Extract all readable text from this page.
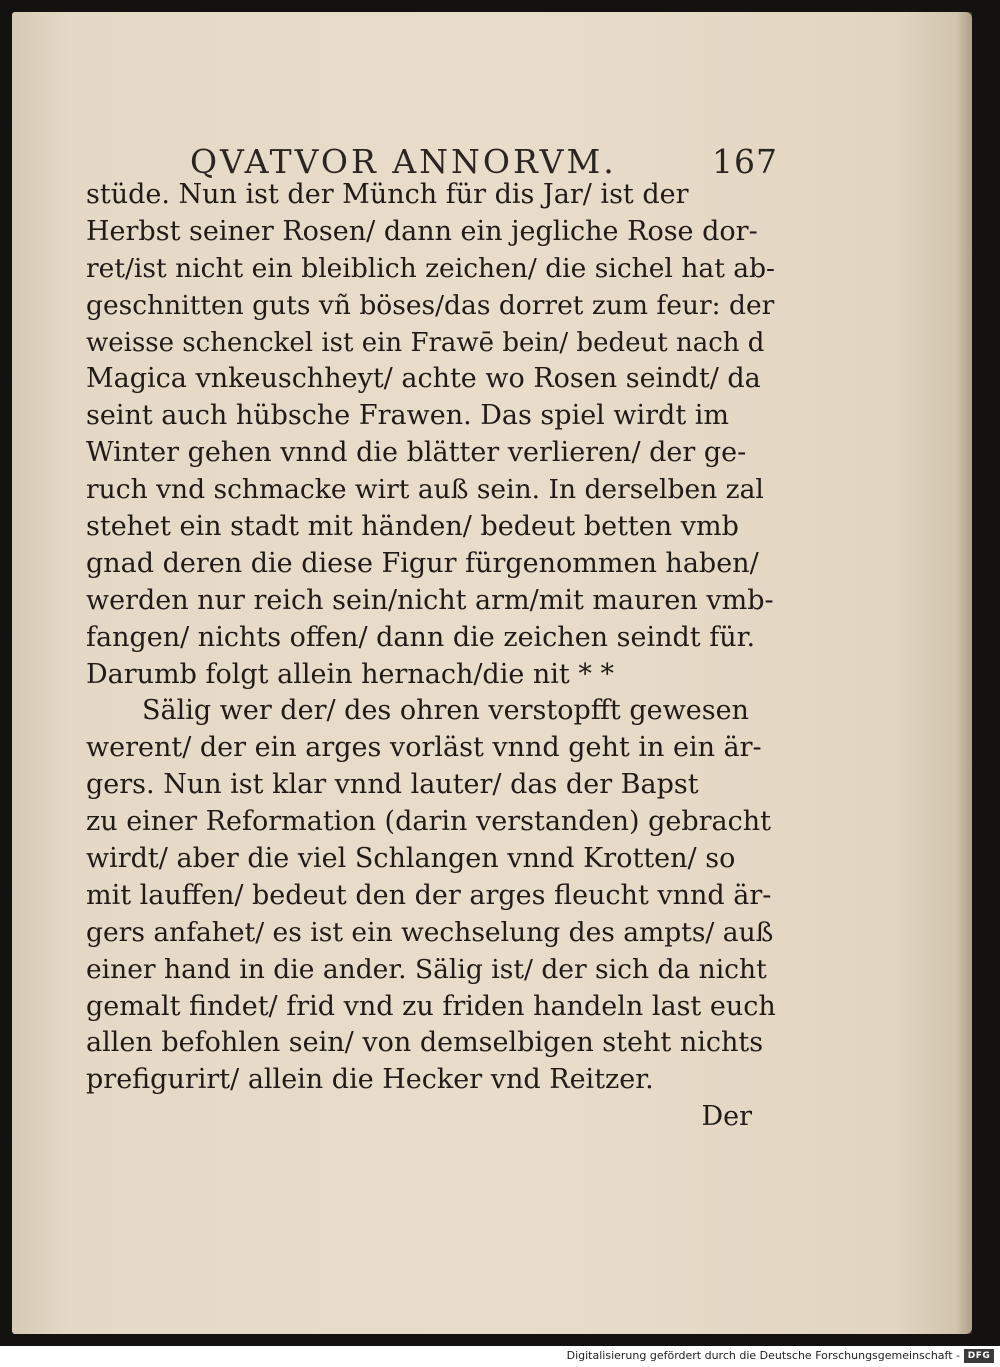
QVATVOR ANNORVM.	167
stüde. Nun ist der Münch für dis Jar/ ist der
Herbst seiner Rosen/ dann ein jegliche Rose dor-
ret/ist nicht ein bleiblich zeichen/ die sichel hat ab-
geschnitten guts vñ böses/das dorret zum feur: der
weisse schenckel ist ein Frawē bein/ bedeut nach d
Magica vnkeuschheyt/ achte wo Rosen seindt/ da
seint auch hübsche Frawen. Das spiel wirdt im
Winter gehen vnnd die blätter verlieren/ der ge-
ruch vnd schmacke wirt auß sein. In derselben zal
stehet ein stadt mit händen/ bedeut betten vmb
gnad deren die diese Figur fürgenommen haben/
werden nur reich sein/nicht arm/mit mauren vmb-
fangen/ nichts offen/ dann die zeichen seindt für.
Darumb folgt allein hernach/die nit * *
Sälig wer der/ des ohren verstopfft gewesen
werent/ der ein arges vorläst vnnd geht in ein är-
gers. Nun ist klar vnnd lauter/ das der Bapst
zu einer Reformation (darin verstanden) gebracht
wirdt/ aber die viel Schlangen vnnd Krotten/ so
mit lauffen/ bedeut den der arges fleucht vnnd är-
gers anfahet/ es ist ein wechselung des ampts/ auß
einer hand in die ander. Sälig ist/ der sich da nicht
gemalt findet/ frid vnd zu friden handeln last euch
allen befohlen sein/ von demselbigen steht nichts
prefigurirt/ allein die Hecker vnd Reitzer.
Der
Digitalisierung gefördert durch die Deutsche Forschungsgemeinschaft - DFG
